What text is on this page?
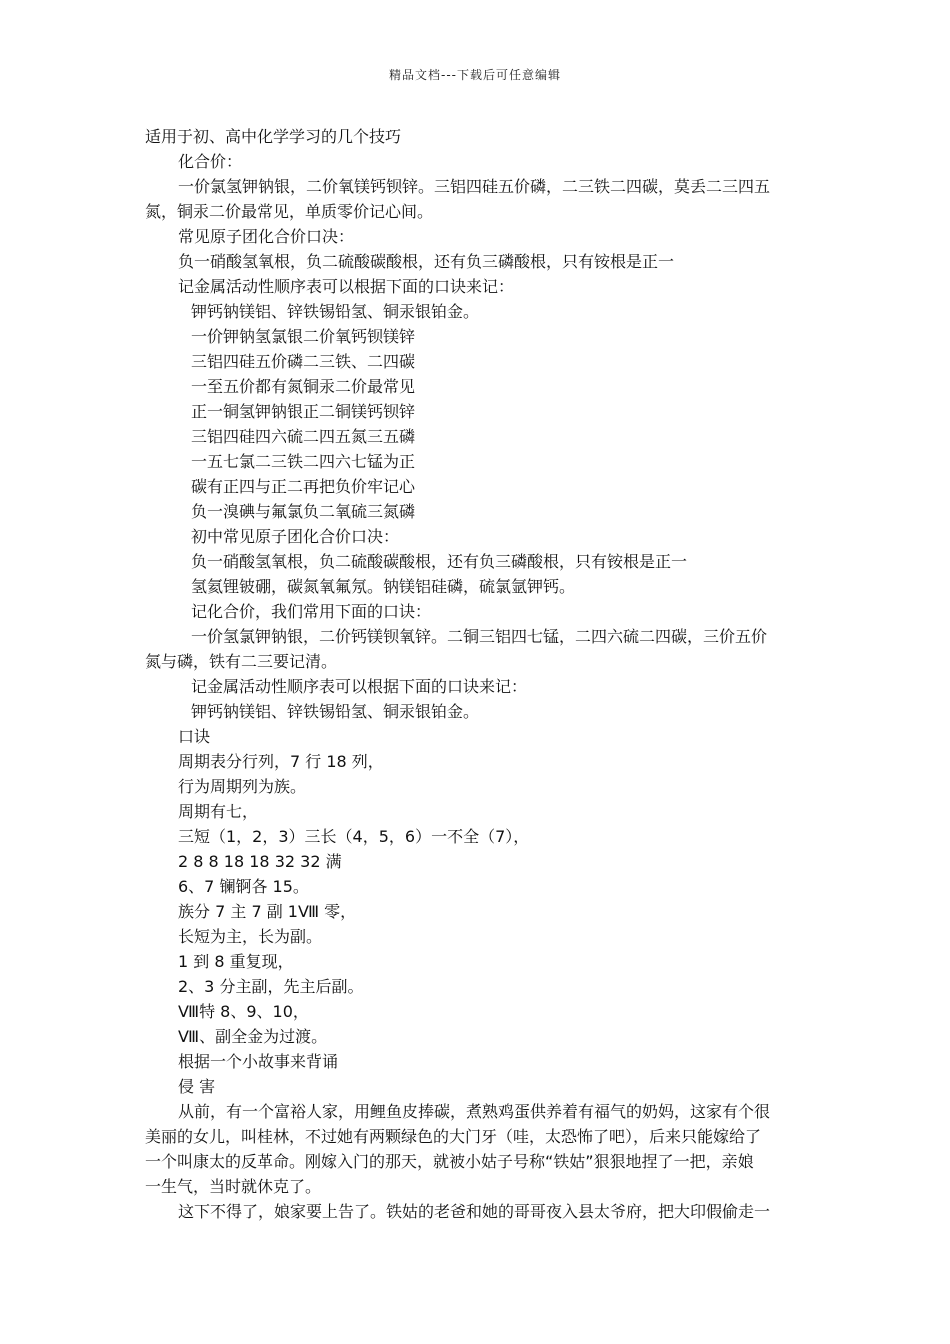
精品文档---下载后可任意编辑
适用于初、高中化学学习的几个技巧
化合价：
一价氯氢钾钠银，二价氧镁钙钡锌。三铝四硅五价磷，二三铁二四碳，莫丢二三四五
氮，铜汞二价最常见，单质零价记心间。
常见原子团化合价口决：
负一硝酸氢氧根，负二硫酸碳酸根，还有负三磷酸根，只有铵根是正一
记金属活动性顺序表可以根据下面的口诀来记：
钾钙钠镁铝、锌铁锡铅氢、铜汞银铂金。
一价钾钠氢氯银二价氧钙钡镁锌
三铝四硅五价磷二三铁、二四碳
一至五价都有氮铜汞二价最常见
正一铜氢钾钠银正二铜镁钙钡锌
三铝四硅四六硫二四五氮三五磷
一五七氯二三铁二四六七锰为正
碳有正四与正二再把负价牢记心
负一溴碘与氟氯负二氧硫三氮磷
初中常见原子团化合价口决：
负一硝酸氢氧根，负二硫酸碳酸根，还有负三磷酸根，只有铵根是正一
氢氦锂铍硼，碳氮氧氟氖。钠镁铝硅磷，硫氯氩钾钙。
记化合价，我们常用下面的口诀：
一价氢氯钾钠银，二价钙镁钡氧锌。二铜三铝四七锰，二四六硫二四碳，三价五价
氮与磷，铁有二三要记清。
记金属活动性顺序表可以根据下面的口诀来记：
钾钙钠镁铝、锌铁锡铅氢、铜汞银铂金。
口诀
周期表分行列，7 行 18 列，
行为周期列为族。
周期有七，
三短（1，2，3）三长（4，5，6）一不全（7），
2 8 8 18 18 32 32 满
6、7 镧锕各 15。
族分 7 主 7 副 1Ⅷ 零，
长短为主，长为副。
1 到 8 重复现，
2、3 分主副，先主后副。
Ⅷ特 8、9、10，
Ⅷ、副全金为过渡。
根据一个小故事来背诵
侵 害
从前，有一个富裕人家，用鲤鱼皮捧碳，煮熟鸡蛋供养着有福气的奶妈，这家有个很
美丽的女儿，叫桂林，不过她有两颗绿色的大门牙（哇，太恐怖了吧），后来只能嫁给了
一个叫康太的反革命。刚嫁入门的那天，就被小姑子号称“铁姑”狠狠地捏了一把，亲娘
一生气，当时就休克了。
这下不得了，娘家要上告了。铁姑的老爸和她的哥哥夜入县太爷府，把大印假偷走一
